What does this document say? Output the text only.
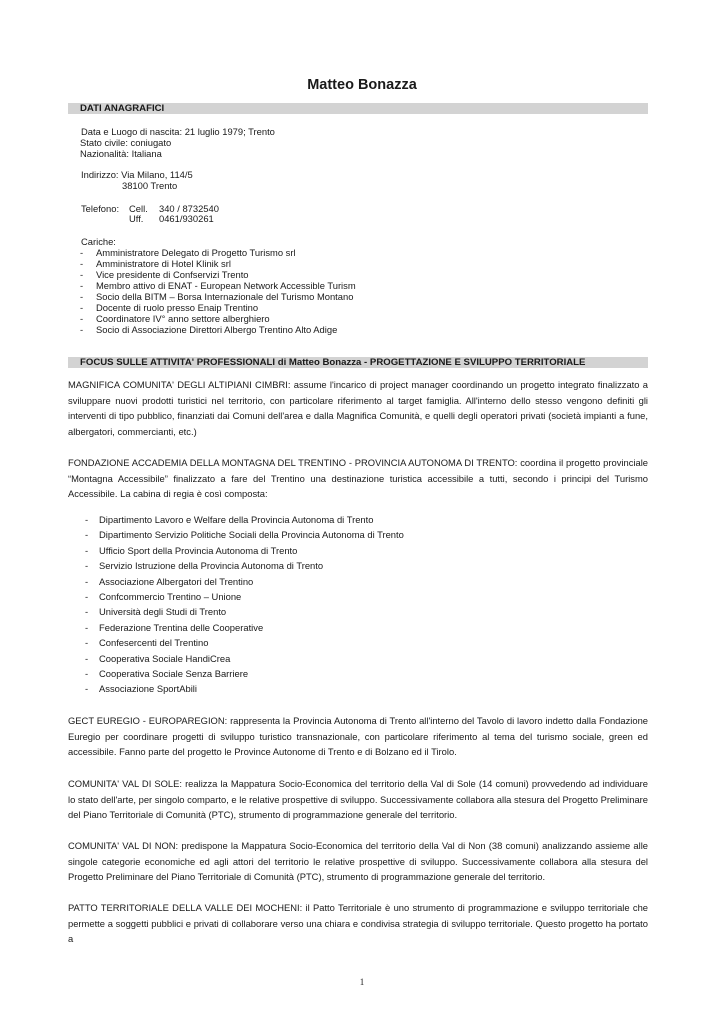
Matteo Bonazza
DATI ANAGRAFICI
Data e Luogo di nascita: 21 luglio 1979; Trento
Stato civile: coniugato
Nazionalità: Italiana
Indirizzo: Via Milano, 114/5
38100 Trento
Telefono: Cell. 340 / 8732540
Uff. 0461/930261
Cariche:
- Amministratore Delegato di Progetto Turismo srl
- Amministratore di Hotel Klinik srl
- Vice presidente di Confservizi Trento
- Membro attivo di ENAT - European Network Accessible Turism
- Socio della BITM – Borsa Internazionale del Turismo Montano
- Docente di ruolo presso Enaip Trentino
- Coordinatore IV° anno settore alberghiero
- Socio di Associazione Direttori Albergo Trentino Alto Adige
FOCUS SULLE ATTIVITA' PROFESSIONALI di Matteo Bonazza - PROGETTAZIONE E SVILUPPO TERRITORIALE
MAGNIFICA COMUNITA' DEGLI ALTIPIANI CIMBRI: assume l'incarico di project manager coordinando un progetto integrato finalizzato a sviluppare nuovi prodotti turistici nel territorio, con particolare riferimento al target famiglia. All'interno dello stesso vengono definiti gli interventi di tipo pubblico, finanziati dai Comuni dell'area e dalla Magnifica Comunità, e quelli degli operatori privati (società impianti a fune, albergatori, commercianti, etc.)
FONDAZIONE ACCADEMIA DELLA MONTAGNA DEL TRENTINO - PROVINCIA AUTONOMA DI TRENTO: coordina il progetto provinciale “Montagna Accessibile” finalizzato a fare del Trentino una destinazione turistica accessibile a tutti, secondo i principi del Turismo Accessibile. La cabina di regia è così composta:
- Dipartimento Lavoro e Welfare della Provincia Autonoma di Trento
- Dipartimento Servizio Politiche Sociali della Provincia Autonoma di Trento
- Ufficio Sport della Provincia Autonoma di Trento
- Servizio Istruzione della Provincia Autonoma di Trento
- Associazione Albergatori del Trentino
- Confcommercio Trentino – Unione
- Università degli Studi di Trento
- Federazione Trentina delle Cooperative
- Confesercenti del Trentino
- Cooperativa Sociale HandiCrea
- Cooperativa Sociale Senza Barriere
- Associazione SportAbili
GECT EUREGIO - EUROPAREGION: rappresenta la Provincia Autonoma di Trento all'interno del Tavolo di lavoro indetto dalla Fondazione Euregio per coordinare progetti di sviluppo turistico transnazionale, con particolare riferimento al tema del turismo sociale, green ed accessibile. Fanno parte del progetto le Province Autonome di Trento e di Bolzano ed il Tirolo.
COMUNITA' VAL DI SOLE: realizza la Mappatura Socio-Economica del territorio della Val di Sole (14 comuni) provvedendo ad individuare lo stato dell'arte, per singolo comparto, e le relative prospettive di sviluppo. Successivamente collabora alla stesura del Progetto Preliminare del Piano Territoriale di Comunità (PTC), strumento di programmazione generale del territorio.
COMUNITA' VAL DI NON: predispone la Mappatura Socio-Economica del territorio della Val di Non (38 comuni) analizzando assieme alle singole categorie economiche ed agli attori del territorio le relative prospettive di sviluppo. Successivamente collabora alla stesura del Progetto Preliminare del Piano Territoriale di Comunità (PTC), strumento di programmazione generale del territorio.
PATTO TERRITORIALE DELLA VALLE DEI MOCHENI: il Patto Territoriale è uno strumento di programmazione e sviluppo territoriale che permette a soggetti pubblici e privati di collaborare verso una chiara e condivisa strategia di sviluppo territoriale. Questo progetto ha portato a
1
